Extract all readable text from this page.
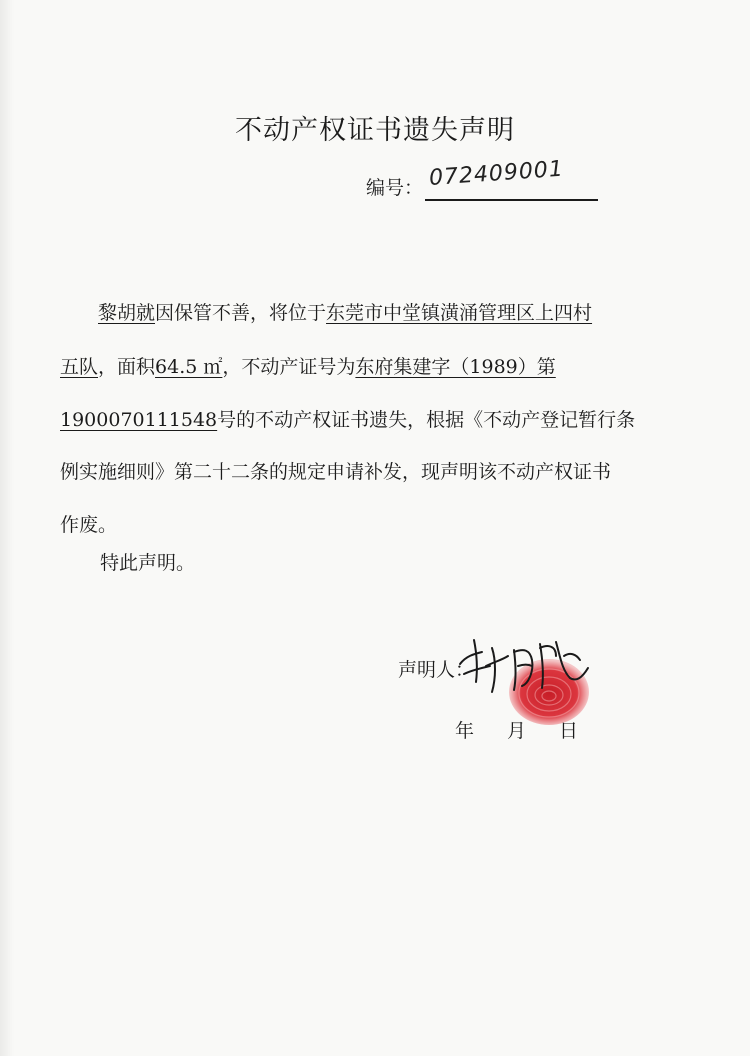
不动产权证书遗失声明
编号： 072409001
黎胡就因保管不善，将位于东莞市中堂镇潢涌管理区上四村
五队，面积64.5 ㎡，不动产证号为东府集建字（1989）第
1900070111548号的不动产权证书遗失，根据《不动产登记暂行条
例实施细则》第二十二条的规定申请补发，现声明该不动产权证书
作废。
特此声明。
声明人：
年 月 日
